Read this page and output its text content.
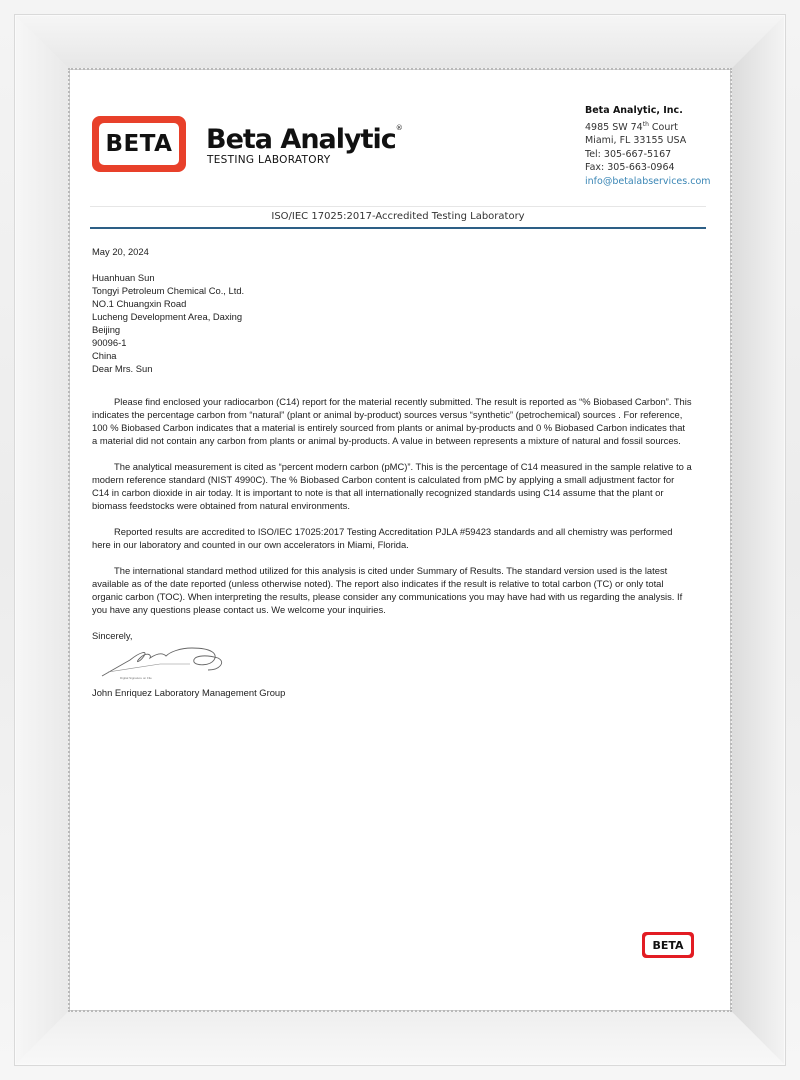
BETA Beta Analytic®
TESTING LABORATORY
Beta Analytic, Inc.
4985 SW 74th Court
Miami, FL 33155 USA
Tel: 305-667-5167
Fax: 305-663-0964
info@betalabservices.com
ISO/IEC 17025:2017-Accredited Testing Laboratory
May 20, 2024
Huanhuan Sun
Tongyi Petroleum Chemical Co., Ltd.
NO.1 Chuangxin Road
Lucheng Development Area, Daxing
Beijing
90096-1
China
Dear Mrs. Sun

Please find enclosed your radiocarbon (C14) report for the material recently submitted. The result is reported as “% Biobased Carbon”. This indicates the percentage carbon from “natural” (plant or animal by-product) sources versus “synthetic” (petrochemical) sources . For reference, 100 % Biobased Carbon indicates that a material is entirely sourced from plants or animal by-products and 0 % Biobased Carbon indicates that a material did not contain any carbon from plants or animal by-products. A value in between represents a mixture of natural and fossil sources.

The analytical measurement is cited as “percent modern carbon (pMC)”. This is the percentage of C14 measured in the sample relative to a modern reference standard (NIST 4990C). The % Biobased Carbon content is calculated from pMC by applying a small adjustment factor for C14 in carbon dioxide in air today. It is important to note is that all internationally recognized standards using C14 assume that the plant or biomass feedstocks were obtained from natural environments.

Reported results are accredited to ISO/IEC 17025:2017 Testing Accreditation PJLA #59423 standards and all chemistry was performed here in our laboratory and counted in our own accelerators in Miami, Florida.

The international standard method utilized for this analysis is cited under Summary of Results. The standard version used is the latest available as of the date reported (unless otherwise noted). The report also indicates if the result is relative to total carbon (TC) or only total organic carbon (TOC). When interpreting the results, please consider any communications you may have had with us regarding the analysis. If you have any questions please contact us. We welcome your inquiries.

Sincerely,
Digital Signature on File
John Enriquez Laboratory Management Group
BETA
